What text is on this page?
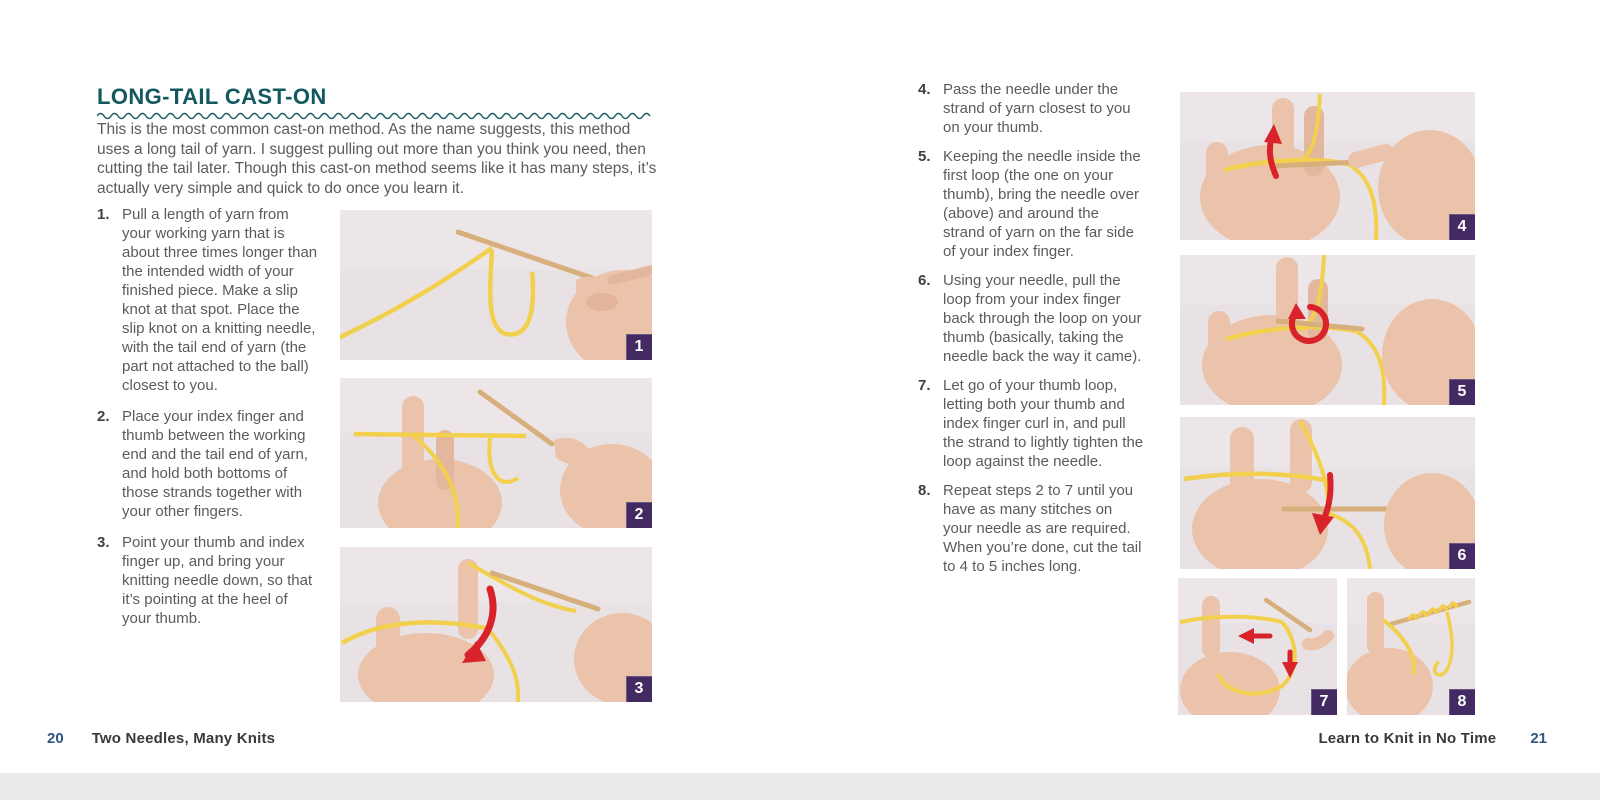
LONG-TAIL CAST-ON
This is the most common cast-on method. As the name suggests, this method uses a long tail of yarn. I suggest pulling out more than you think you need, then cutting the tail later. Though this cast-on method seems like it has many steps, it’s actually very simple and quick to do once you learn it.
1. Pull a length of yarn from your working yarn that is about three times longer than the intended width of your finished piece. Make a slip knot at that spot. Place the slip knot on a knitting needle, with the tail end of yarn (the part not attached to the ball) closest to you.
2. Place your index finger and thumb between the working end and the tail end of yarn, and hold both bottoms of those strands together with your other fingers.
3. Point your thumb and index finger up, and bring your knitting needle down, so that it’s pointing at the heel of your thumb.
1
2
3
4. Pass the needle under the strand of yarn closest to you on your thumb.
5. Keeping the needle inside the first loop (the one on your thumb), bring the needle over (above) and around the strand of yarn on the far side of your index finger.
6. Using your needle, pull the loop from your index finger back through the loop on your thumb (basically, taking the needle back the way it came).
7. Let go of your thumb loop, letting both your thumb and index finger curl in, and pull the strand to lightly tighten the loop against the needle.
8. Repeat steps 2 to 7 until you have as many stitches on your needle as are required. When you’re done, cut the tail to 4 to 5 inches long.
4
5
6
7	8
20 Two Needles, Many Knits	Learn to Knit in No Time 21
